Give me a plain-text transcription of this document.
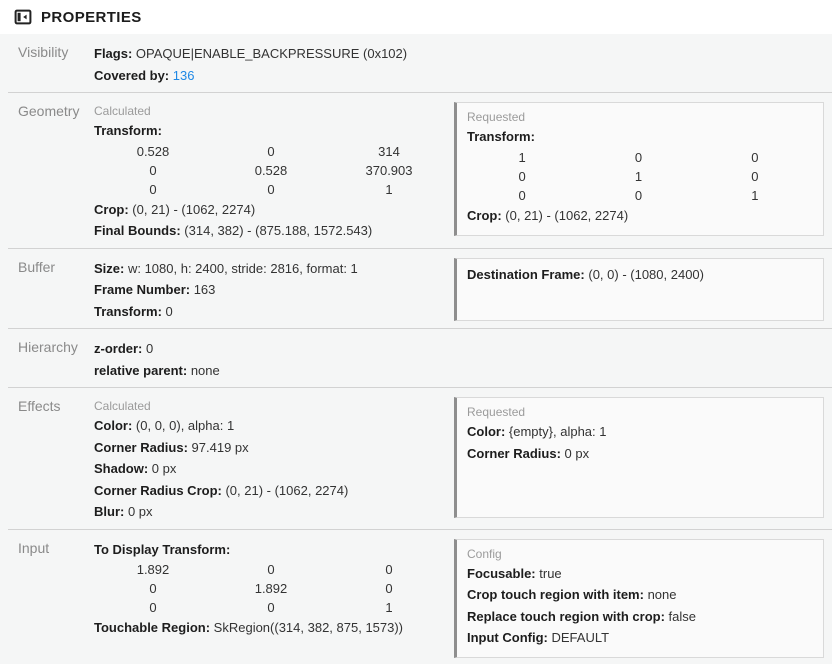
PROPERTIES
Visibility	Flags: OPAQUE|ENABLE_BACKPRESSURE (0x102)
Covered by: 136
Geometry	Calculated
Transform:
0.528	0	314
0	0.528	370.903
0	0	1
Crop: (0, 21) - (1062, 2274)
Final Bounds: (314, 382) - (875.188, 1572.543)
Requested
Transform:
1	0	0
0	1	0
0	0	1
Crop: (0, 21) - (1062, 2274)
Buffer	Size: w: 1080, h: 2400, stride: 2816, format: 1
Frame Number: 163
Transform: 0
Destination Frame: (0, 0) - (1080, 2400)
Hierarchy	z-order: 0
relative parent: none
Effects	Calculated
Color: (0, 0, 0), alpha: 1
Corner Radius: 97.419 px
Shadow: 0 px
Corner Radius Crop: (0, 21) - (1062, 2274)
Blur: 0 px
Requested
Color: {empty}, alpha: 1
Corner Radius: 0 px
Input	To Display Transform:
1.892	0	0
0	1.892	0
0	0	1
Touchable Region: SkRegion((314, 382, 875, 1573))
Config
Focusable: true
Crop touch region with item: none
Replace touch region with crop: false
Input Config: DEFAULT
